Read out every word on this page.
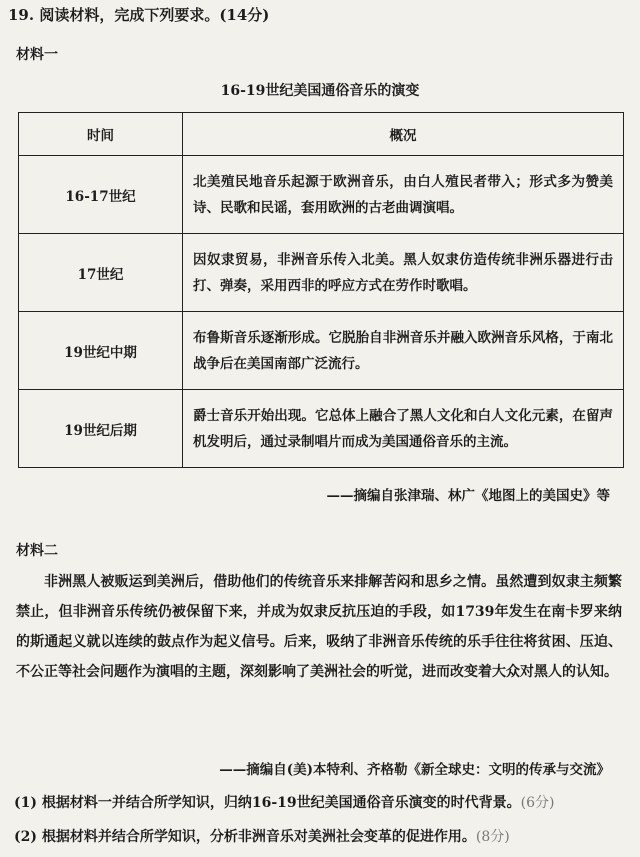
19. 阅读材料，完成下列要求。(14分)
材料一
16-19世纪美国通俗音乐的演变
时间	概况
16-17世纪	北美殖民地音乐起源于欧洲音乐，由白人殖民者带入；形式多为赞美诗、民歌和民谣，套用欧洲的古老曲调演唱。
17世纪	因奴隶贸易，非洲音乐传入北美。黑人奴隶仿造传统非洲乐器进行击打、弹奏，采用西非的呼应方式在劳作时歌唱。
19世纪中期	布鲁斯音乐逐渐形成。它脱胎自非洲音乐并融入欧洲音乐风格，于南北战争后在美国南部广泛流行。
19世纪后期	爵士音乐开始出现。它总体上融合了黑人文化和白人文化元素，在留声机发明后，通过录制唱片而成为美国通俗音乐的主流。
——摘编自张津瑞、林广《地图上的美国史》等
材料二

非洲黑人被贩运到美洲后，借助他们的传统音乐来排解苦闷和思乡之情。虽然遭到奴隶主频繁禁止，但非洲音乐传统仍被保留下来，并成为奴隶反抗压迫的手段，如1739年发生在南卡罗来纳的斯通起义就以连续的鼓点作为起义信号。后来，吸纳了非洲音乐传统的乐手往往将贫困、压迫、不公正等社会问题作为演唱的主题，深刻影响了美洲社会的听觉，进而改变着大众对黑人的认知。

——摘编自(美)本特利、齐格勒《新全球史：文明的传承与交流》
(1) 根据材料一并结合所学知识，归纳16-19世纪美国通俗音乐演变的时代背景。(6分)
(2) 根据材料并结合所学知识，分析非洲音乐对美洲社会变革的促进作用。(8分)
